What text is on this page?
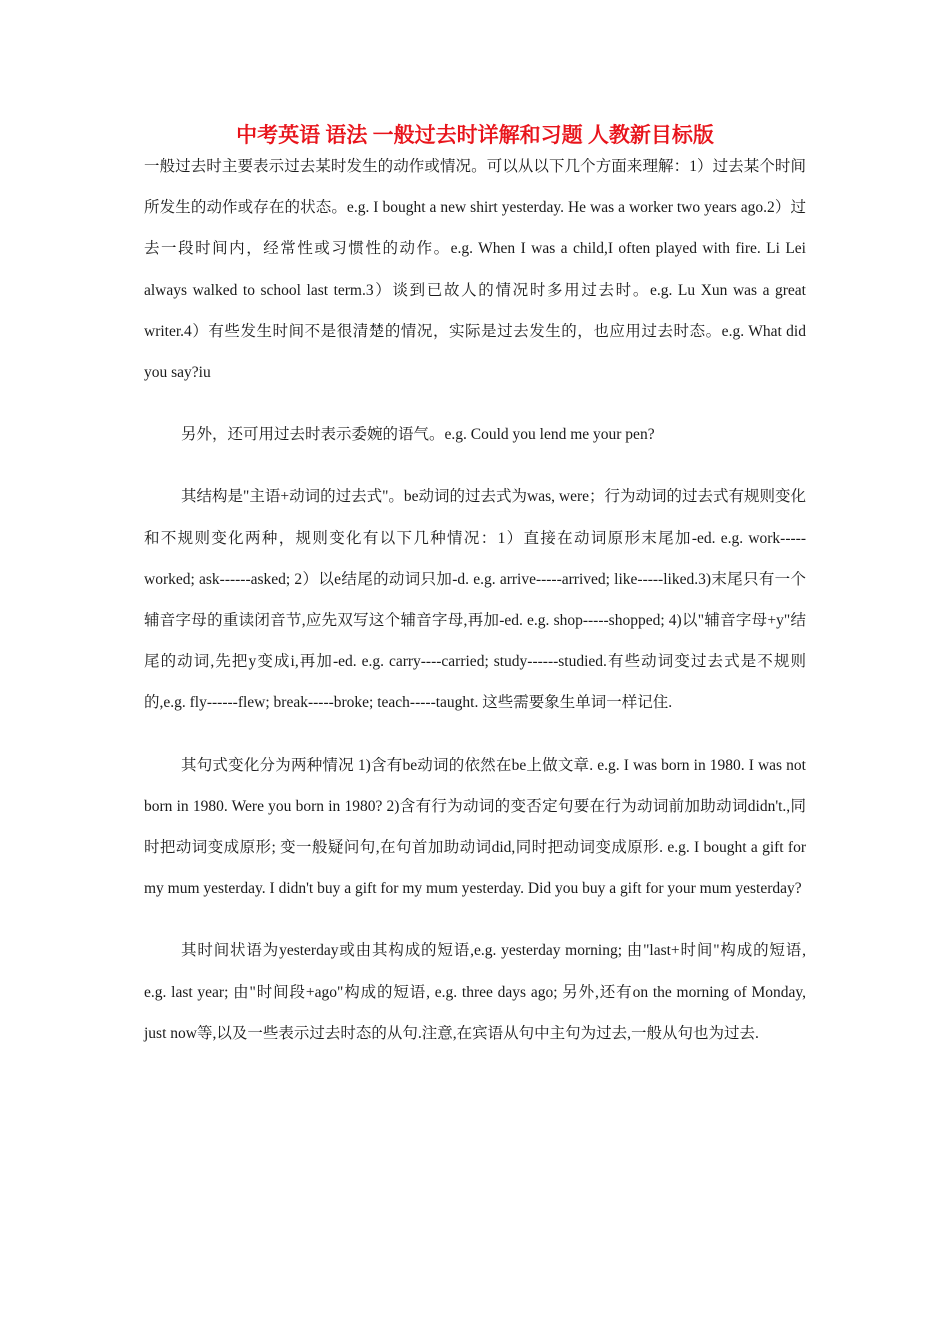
中考英语 语法 一般过去时详解和习题 人教新目标版

一般过去时主要表示过去某时发生的动作或情况。可以从以下几个方面来理解：1）过去某个时间所发生的动作或存在的状态。e.g. I bought a new shirt yesterday. He was a worker two years ago.2）过去一段时间内，经常性或习惯性的动作。e.g. When I was a child,I often played with fire. Li Lei always walked to school last term.3）谈到已故人的情况时多用过去时。e.g. Lu Xun was a great writer.4）有些发生时间不是很清楚的情况，实际是过去发生的，也应用过去时态。e.g. What did you say?iu

另外，还可用过去时表示委婉的语气。e.g. Could you lend me your pen?

其结构是"主语+动词的过去式"。be动词的过去式为was, were；行为动词的过去式有规则变化和不规则变化两种，规则变化有以下几种情况：1）直接在动词原形末尾加-ed. e.g. work-----worked; ask------asked; 2）以e结尾的动词只加-d. e.g. arrive-----arrived; like-----liked.3)末尾只有一个辅音字母的重读闭音节,应先双写这个辅音字母,再加-ed. e.g. shop-----shopped; 4)以"辅音字母+y"结尾的动词,先把y变成i,再加-ed. e.g. carry----carried; study------studied.有些动词变过去式是不规则的,e.g. fly------flew; break-----broke; teach-----taught. 这些需要象生单词一样记住.

其句式变化分为两种情况 1)含有be动词的依然在be上做文章. e.g. I was born in 1980. I was not born in 1980. Were you born in 1980? 2)含有行为动词的变否定句要在行为动词前加助动词didn't.,同时把动词变成原形; 变一般疑问句,在句首加助动词did,同时把动词变成原形. e.g. I bought a gift for my mum yesterday. I didn't buy a gift for my mum yesterday. Did you buy a gift for your mum yesterday?

其时间状语为yesterday或由其构成的短语,e.g. yesterday morning; 由"last+时间"构成的短语, e.g. last year; 由"时间段+ago"构成的短语, e.g. three days ago; 另外,还有on the morning of Monday, just now等,以及一些表示过去时态的从句.注意,在宾语从句中主句为过去,一般从句也为过去.
